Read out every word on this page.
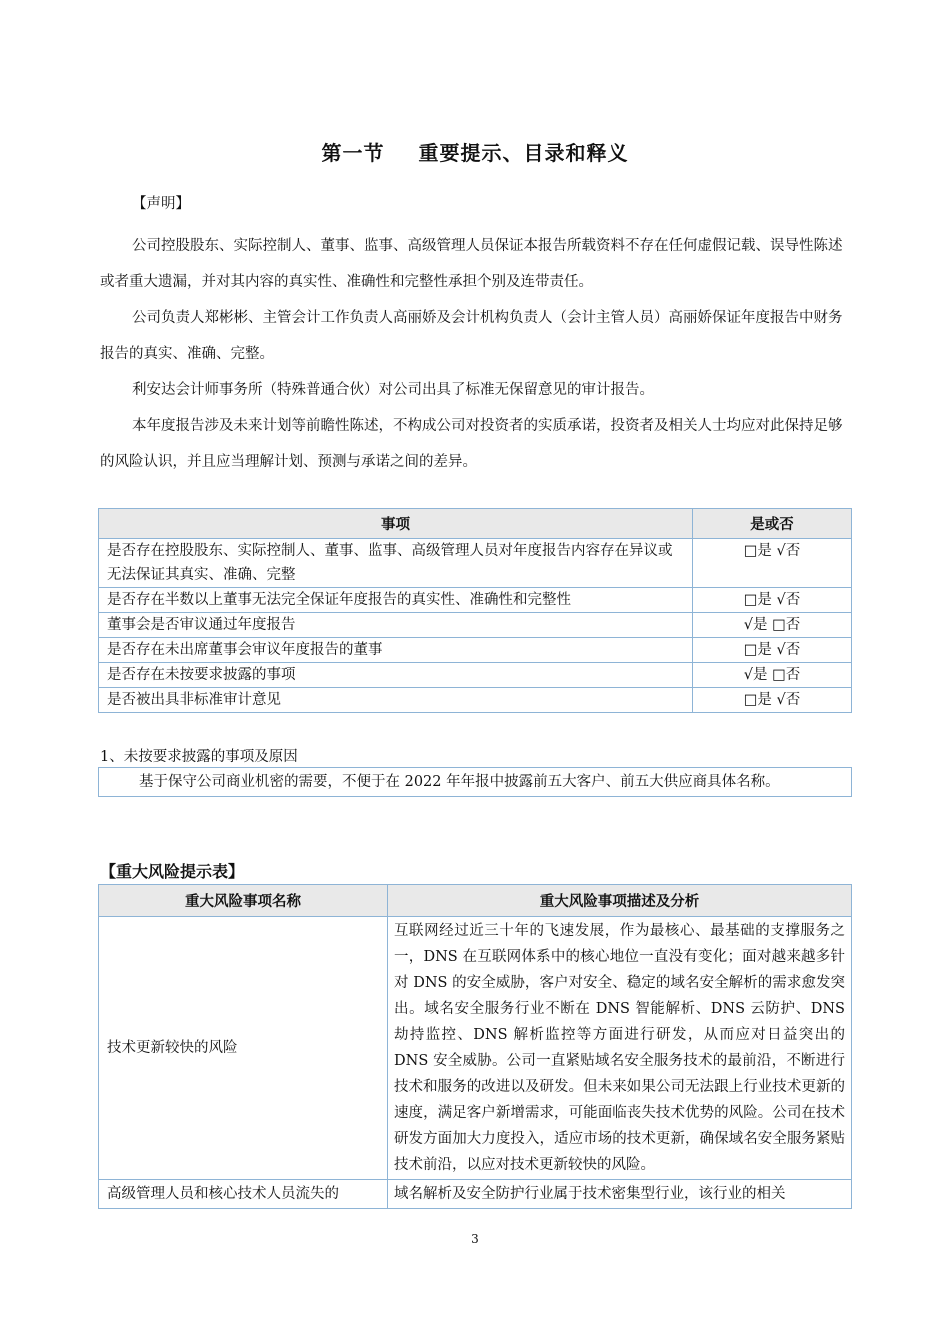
第一节 重要提示、目录和释义
【声明】
公司控股股东、实际控制人、董事、监事、高级管理人员保证本报告所载资料不存在任何虚假记载、误导性陈述或者重大遗漏，并对其内容的真实性、准确性和完整性承担个别及连带责任。
公司负责人郑彬彬、主管会计工作负责人高丽娇及会计机构负责人（会计主管人员）高丽娇保证年度报告中财务报告的真实、准确、完整。
利安达会计师事务所（特殊普通合伙）对公司出具了标准无保留意见的审计报告。
本年度报告涉及未来计划等前瞻性陈述，不构成公司对投资者的实质承诺，投资者及相关人士均应对此保持足够的风险认识，并且应当理解计划、预测与承诺之间的差异。
事项	是或否
是否存在控股股东、实际控制人、董事、监事、高级管理人员对年度报告内容存在异议或无法保证其真实、准确、完整	□是 √否
是否存在半数以上董事无法完全保证年度报告的真实性、准确性和完整性	□是 √否
董事会是否审议通过年度报告	√是 □否
是否存在未出席董事会审议年度报告的董事	□是 √否
是否存在未按要求披露的事项	√是 □否
是否被出具非标准审计意见	□是 √否
1、未按要求披露的事项及原因
基于保守公司商业机密的需要，不便于在 2022 年年报中披露前五大客户、前五大供应商具体名称。
【重大风险提示表】
重大风险事项名称	重大风险事项描述及分析
技术更新较快的风险	互联网经过近三十年的飞速发展，作为最核心、最基础的支撑服务之一，DNS 在互联网体系中的核心地位一直没有变化；面对越来越多针对 DNS 的安全威胁，客户对安全、稳定的域名安全解析的需求愈发突出。域名安全服务行业不断在 DNS 智能解析、DNS 云防护、DNS 劫持监控、DNS 解析监控等方面进行研发，从而应对日益突出的 DNS 安全威胁。公司一直紧贴域名安全服务技术的最前沿，不断进行技术和服务的改进以及研发。但未来如果公司无法跟上行业技术更新的速度，满足客户新增需求，可能面临丧失技术优势的风险。公司在技术研发方面加大力度投入，适应市场的技术更新，确保域名安全服务紧贴技术前沿，以应对技术更新较快的风险。
高级管理人员和核心技术人员流失的	域名解析及安全防护行业属于技术密集型行业，该行业的相关
3
